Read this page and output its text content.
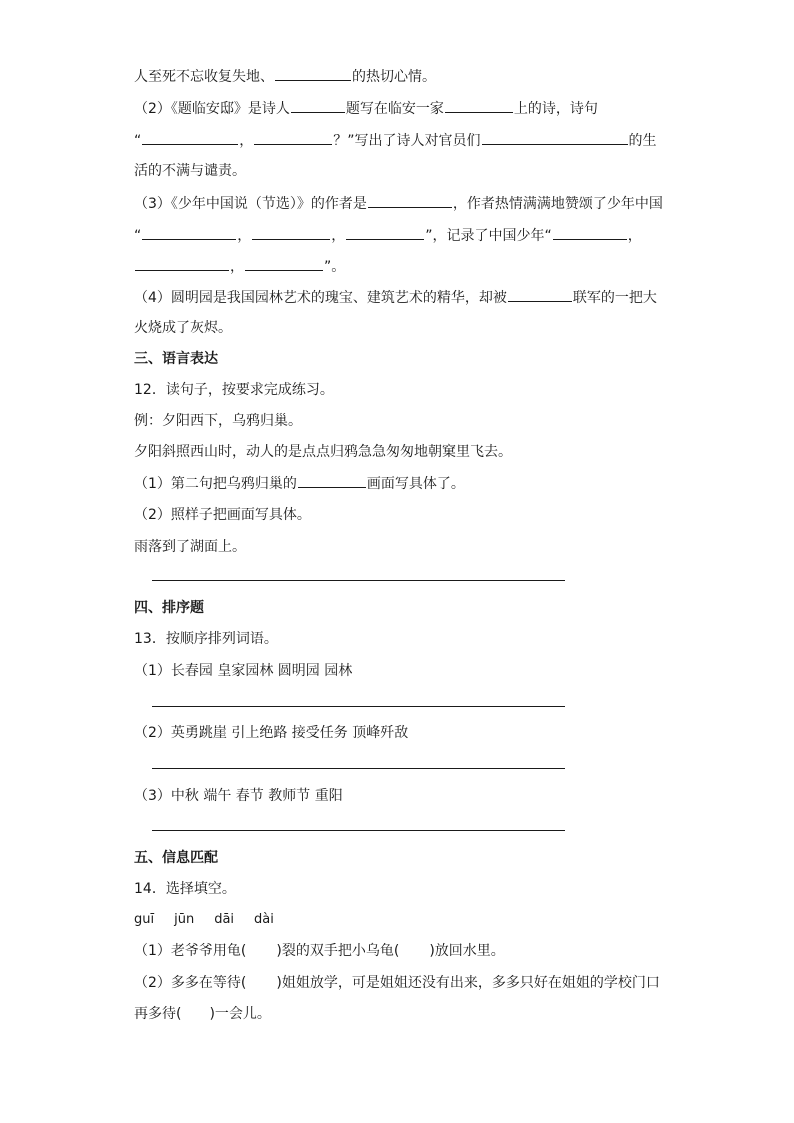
人至死不忘收复失地、	的热切心情。
（2）《题临安邸》是诗人	题写在临安一家	上的诗，诗句
“	，	？”写出了诗人对官员们	的生
活的不满与谴责。
（3）《少年中国说（节选）》的作者是	，作者热情满满地赞颂了少年中国
“	，	，	”，记录了中国少年“	，
，	”。
（4）圆明园是我国园林艺术的瑰宝、建筑艺术的精华，却被	联军的一把大
火烧成了灰烬。
三、语言表达
12．读句子，按要求完成练习。
例：夕阳西下，乌鸦归巢。
夕阳斜照西山时，动人的是点点归鸦急急匆匆地朝窠里飞去。
（1）第二句把乌鸦归巢的	画面写具体了。
（2）照样子把画面写具体。
雨落到了湖面上。
四、排序题
13．按顺序排列词语。
（1）长春园 皇家园林 圆明园 园林
（2）英勇跳崖 引上绝路 接受任务 顶峰歼敌
（3）中秋 端午 春节 教师节 重阳
五、信息匹配
14．选择填空。
guī jūn dāi dài
（1）老爷爷用龟( )裂的双手把小乌龟( )放回水里。
（2）多多在等待( )姐姐放学，可是姐姐还没有出来，多多只好在姐姐的学校门口
再多待( )一会儿。
